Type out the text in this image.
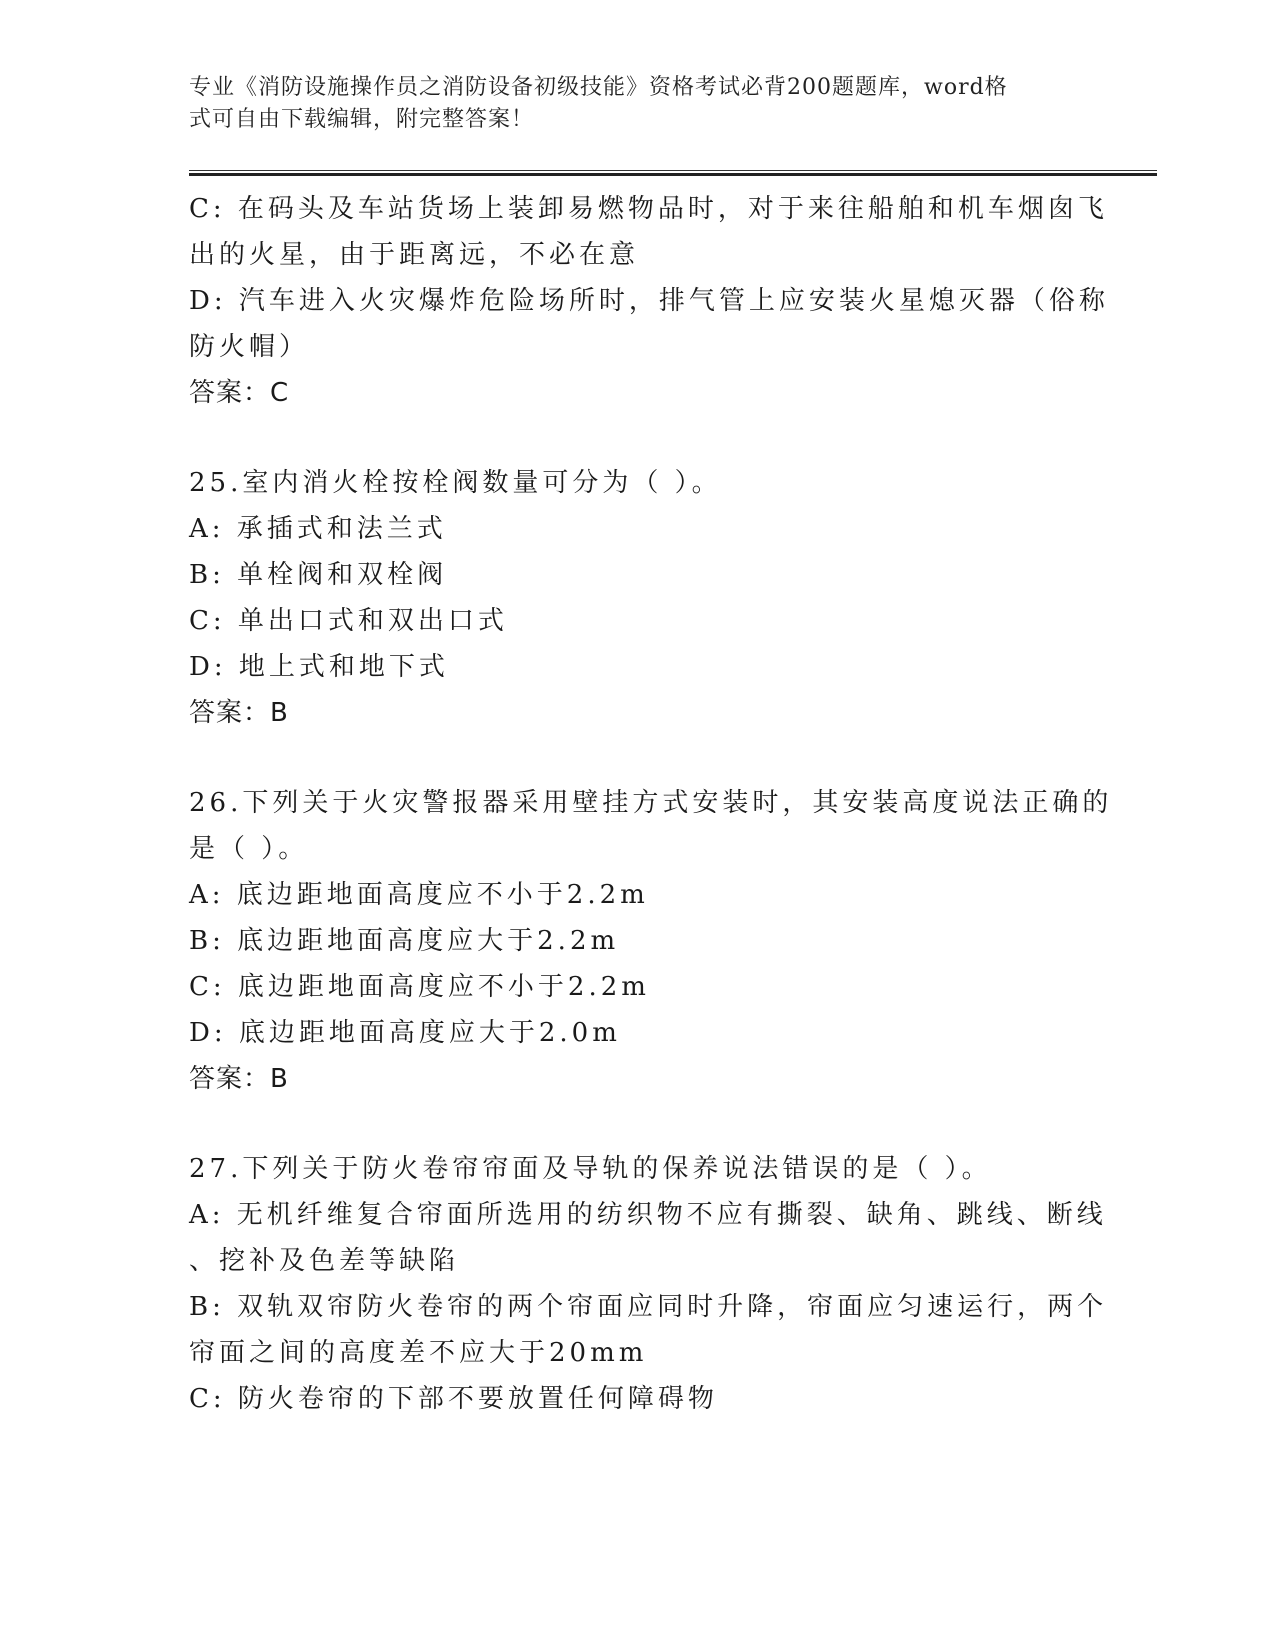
专业《消防设施操作员之消防设备初级技能》资格考试必背200题题库，word格
式可自由下载编辑，附完整答案！
C: 在码头及车站货场上装卸易燃物品时，对于来往船舶和机车烟囱飞
出的火星，由于距离远，不必在意
D: 汽车进入火灾爆炸危险场所时，排气管上应安装火星熄灭器（俗称
防火帽）
答案：C
25.室内消火栓按栓阀数量可分为（ ）。
A: 承插式和法兰式
B: 单栓阀和双栓阀
C: 单出口式和双出口式
D: 地上式和地下式
答案：B
26.下列关于火灾警报器采用壁挂方式安装时，其安装高度说法正确的
是（ ）。
A: 底边距地面高度应不小于2.2m
B: 底边距地面高度应大于2.2m
C: 底边距地面高度应不小于2.2m
D: 底边距地面高度应大于2.0m
答案：B
27.下列关于防火卷帘帘面及导轨的保养说法错误的是（ ）。
A: 无机纤维复合帘面所选用的纺织物不应有撕裂、缺角、跳线、断线
、挖补及色差等缺陷
B: 双轨双帘防火卷帘的两个帘面应同时升降，帘面应匀速运行，两个
帘面之间的高度差不应大于20mm
C: 防火卷帘的下部不要放置任何障碍物
